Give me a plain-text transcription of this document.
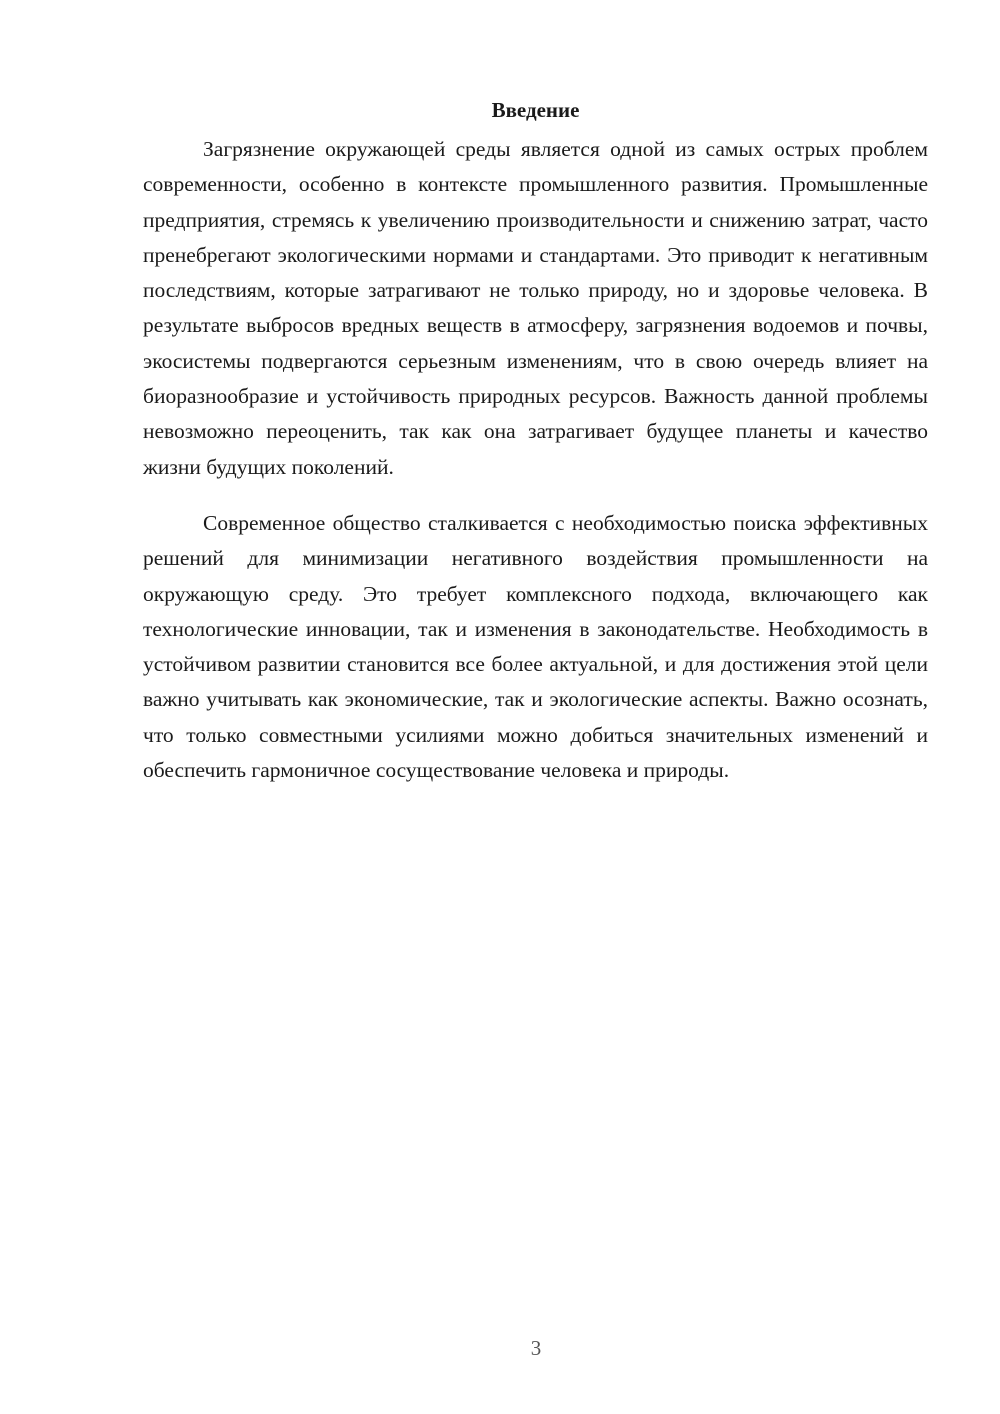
Введение

Загрязнение окружающей среды является одной из самых острых проблем современности, особенно в контексте промышленного развития. Промышленные предприятия, стремясь к увеличению производительности и снижению затрат, часто пренебрегают экологическими нормами и стандартами. Это приводит к негативным последствиям, которые затрагивают не только природу, но и здоровье человека. В результате выбросов вредных веществ в атмосферу, загрязнения водоемов и почвы, экосистемы подвергаются серьезным изменениям, что в свою очередь влияет на биоразнообразие и устойчивость природных ресурсов. Важность данной проблемы невозможно переоценить, так как она затрагивает будущее планеты и качество жизни будущих поколений.

Современное общество сталкивается с необходимостью поиска эффективных решений для минимизации негативного воздействия промышленности на окружающую среду. Это требует комплексного подхода, включающего как технологические инновации, так и изменения в законодательстве. Необходимость в устойчивом развитии становится все более актуальной, и для достижения этой цели важно учитывать как экономические, так и экологические аспекты. Важно осознать, что только совместными усилиями можно добиться значительных изменений и обеспечить гармоничное сосуществование человека и природы.

3
